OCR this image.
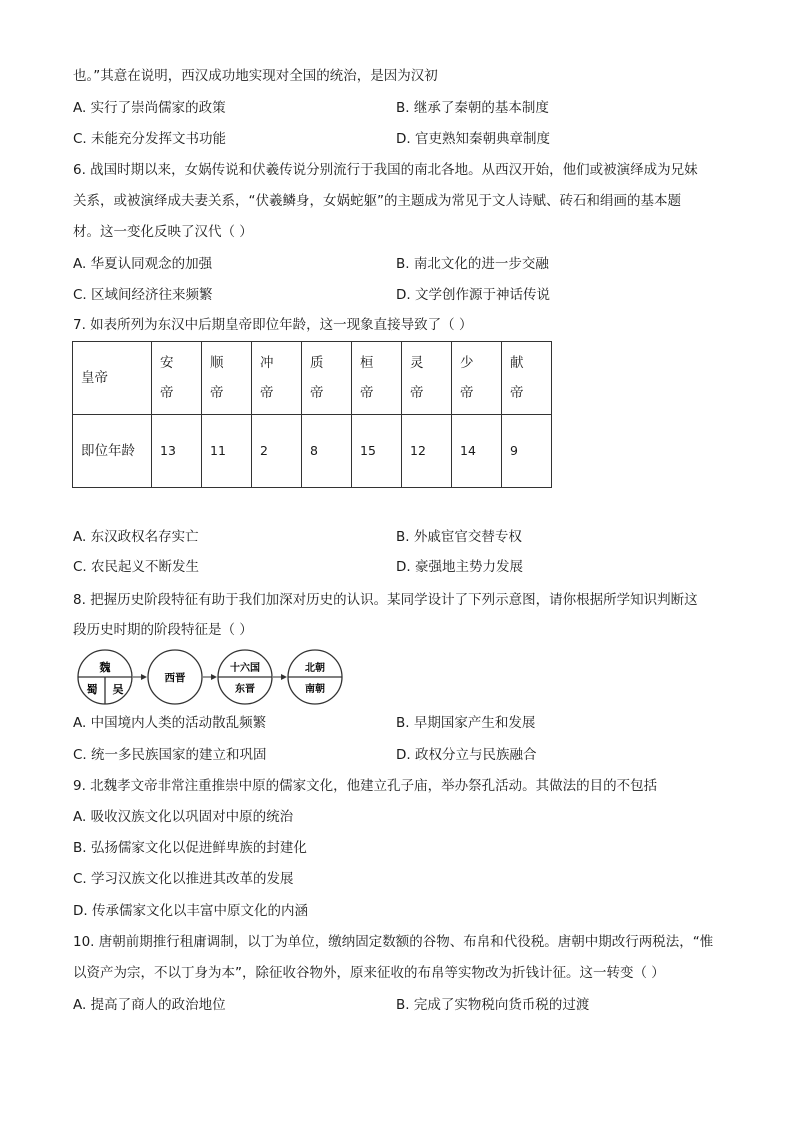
也。”其意在说明，西汉成功地实现对全国的统治，是因为汉初
A. 实行了崇尚儒家的政策	B. 继承了秦朝的基本制度
C. 未能充分发挥文书功能	D. 官吏熟知秦朝典章制度
6. 战国时期以来，女娲传说和伏羲传说分别流行于我国的南北各地。从西汉开始，他们或被演绎成为兄妹
关系，或被演绎成夫妻关系，“伏羲鳞身，女娲蛇躯”的主题成为常见于文人诗赋、砖石和绢画的基本题
材。这一变化反映了汉代（ ）
A. 华夏认同观念的加强	B. 南北文化的进一步交融
C. 区域间经济往来频繁	D. 文学创作源于神话传说
7. 如表所列为东汉中后期皇帝即位年龄，这一现象直接导致了（ ）
皇帝	安帝	顺帝	冲帝	质帝	桓帝	灵帝	少帝	献帝

即位年龄	13	11	2	8	15	12	14	9
A. 东汉政权名存实亡	B. 外戚宦官交替专权
C. 农民起义不断发生	D. 豪强地主势力发展
8. 把握历史阶段特征有助于我们加深对历史的认识。某同学设计了下列示意图，请你根据所学知识判断这
段历史时期的阶段特征是（ ）
魏
蜀 吴
西晋
十六国
东晋
北朝
南朝
A. 中国境内人类的活动散乱频繁	B. 早期国家产生和发展
C. 统一多民族国家的建立和巩固	D. 政权分立与民族融合
9. 北魏孝文帝非常注重推崇中原的儒家文化，他建立孔子庙，举办祭孔活动。其做法的目的不包括
A. 吸收汉族文化以巩固对中原的统治
B. 弘扬儒家文化以促进鲜卑族的封建化
C. 学习汉族文化以推进其改革的发展
D. 传承儒家文化以丰富中原文化的内涵
10. 唐朝前期推行租庸调制，以丁为单位，缴纳固定数额的谷物、布帛和代役税。唐朝中期改行两税法，“惟
以资产为宗，不以丁身为本”，除征收谷物外，原来征收的布帛等实物改为折钱计征。这一转变（ ）
A. 提高了商人的政治地位	B. 完成了实物税向货币税的过渡
